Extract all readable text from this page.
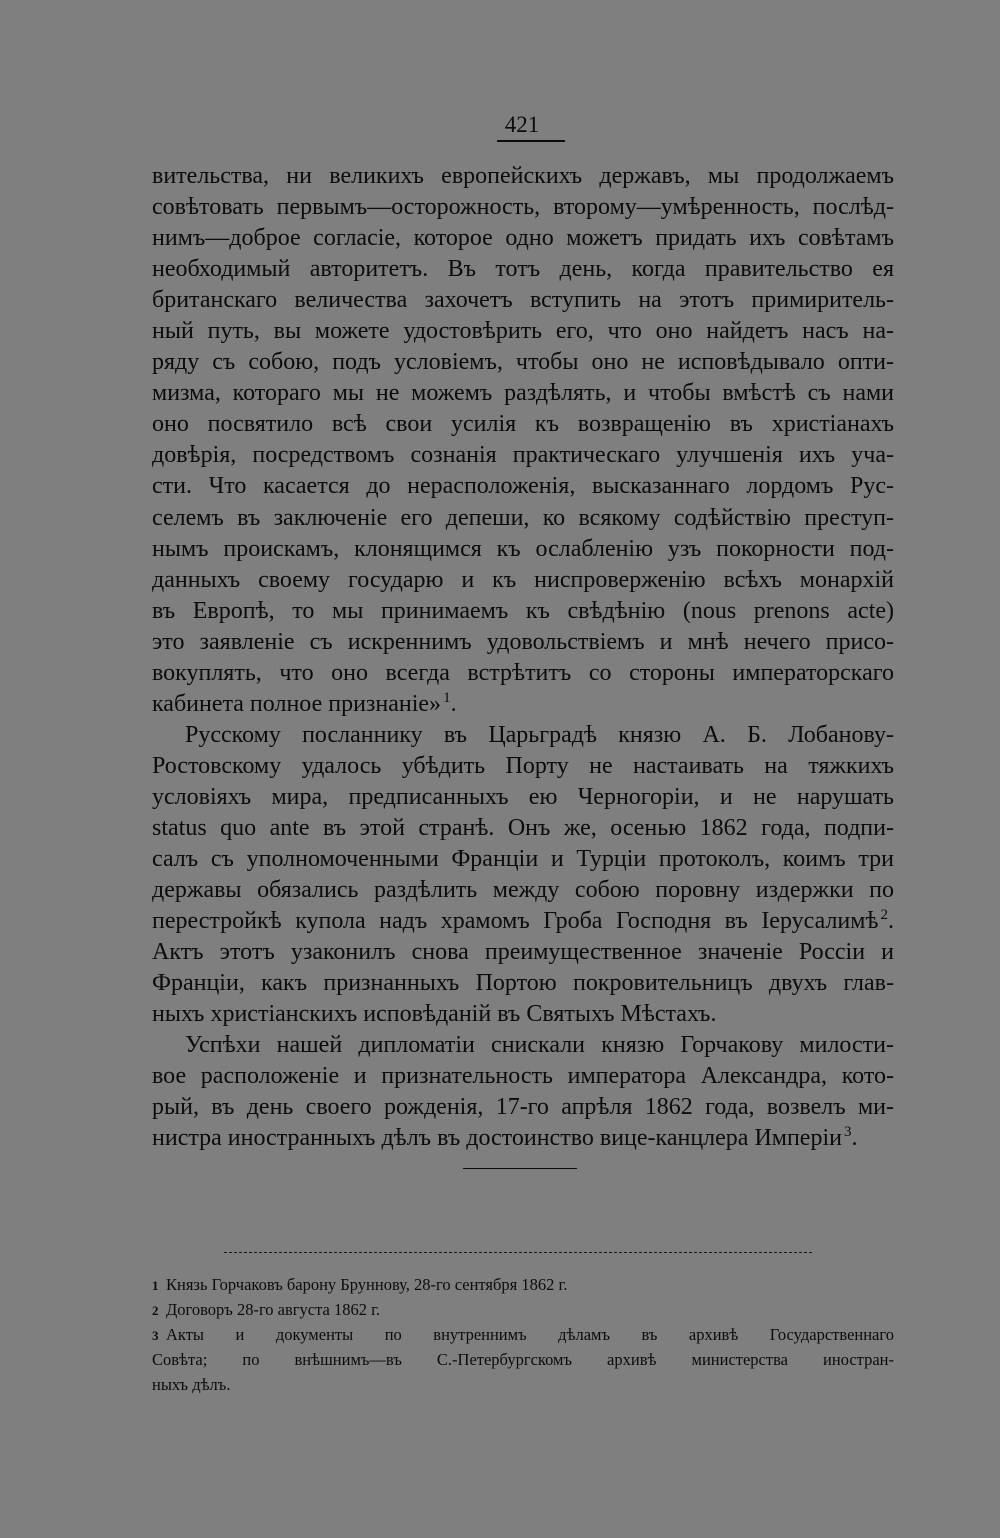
421

вительства, ни великихъ европейскихъ державъ, мы продолжаемъ
совѣтовать первымъ—осторожность, второму—умѣренность, послѣд-
нимъ—доброе согласіе, которое одно можетъ придать ихъ совѣтамъ
необходимый авторитетъ. Въ тотъ день, когда правительство ея
британскаго величества захочетъ вступить на этотъ примиритель-
ный путь, вы можете удостовѣрить его, что оно найдетъ насъ на-
ряду съ собою, подъ условіемъ, чтобы оно не исповѣдывало опти-
мизма, котораго мы не можемъ раздѣлять, и чтобы вмѣстѣ съ нами
оно посвятило всѣ свои усилія къ возвращенію въ христіанахъ
довѣрія, посредствомъ сознанія практическаго улучшенія ихъ уча-
сти. Что касается до нерасположенія, высказаннаго лордомъ Рус-
селемъ въ заключеніе его депеши, ко всякому содѣйствію преступ-
нымъ проискамъ, клонящимся къ ослабленію узъ покорности под-
данныхъ своему государю и къ ниспроверженію всѣхъ монархій
въ Европѣ, то мы принимаемъ къ свѣдѣнію (nous prenons acte)
это заявленіе съ искреннимъ удовольствіемъ и мнѣ нечего присо-
вокуплять, что оно всегда встрѣтитъ со стороны императорскаго
кабинета полное признаніе» $^1$.
Русскому посланнику въ Царьградѣ князю А. Б. Лобанову-
Ростовскому удалось убѣдить Порту не настаивать на тяжкихъ
условіяхъ мира, предписанныхъ ею Черногоріи, и не нарушать
status quo ante въ этой странѣ. Онъ же, осенью 1862 года, подпи-
салъ съ уполномоченными Франціи и Турціи протоколъ, коимъ три
державы обязались раздѣлить между собою поровну издержки по
перестройкѣ купола надъ храмомъ Гроба Господня въ Іерусалимѣ $^2$.
Актъ этотъ узаконилъ снова преимущественное значеніе Россіи и
Франціи, какъ признанныхъ Портою покровительницъ двухъ глав-
ныхъ христіанскихъ исповѣданій въ Святыхъ Мѣстахъ.
Успѣхи нашей дипломатіи снискали князю Горчакову милости-
вое расположеніе и признательность императора Александра, кото-
рый, въ день своего рожденія, 17-го апрѣля 1862 года, возвелъ ми-
нистра иностранныхъ дѣлъ въ достоинство вице-канцлера Имперіи $^3$.
1 Князь Горчаковъ барону Бруннову, 28-го сентября 1862 г.
2 Договоръ 28-го августа 1862 г.
3 Акты и документы по внутреннимъ дѣламъ въ архивѣ Государственнаго
Совѣта; по внѣшнимъ—въ С.-Петербургскомъ архивѣ министерства иностран-
ныхъ дѣлъ.
